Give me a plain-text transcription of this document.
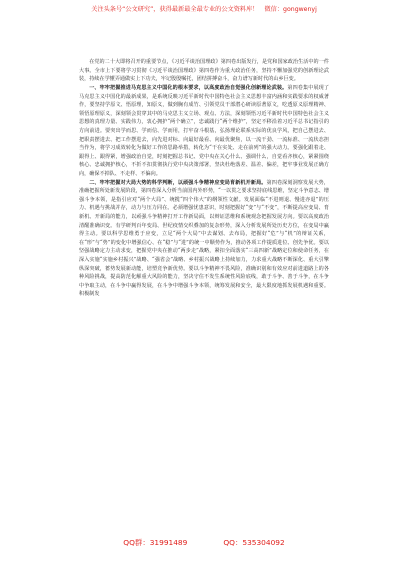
关注头条号“公文研究”，获得最新最全最专业的公文资料库！ 微信：gongwenyj

在党的二十大即将召开的重要节点，《习近平谈治国理政》第四卷出版发行，是党和国家政治生活中的一件大事。全市上下要将学习贯彻《习近平谈治国理政》第四卷作为重大政治任务，坚持不懈加强党的创新理论武装，持续在学懂弄通做实上下功夫，牢记殷殷嘱托，团结拼搏奋斗，奋力谱写新时代的山乡巨变。

一、牢牢把握推进马克思主义中国化的根本要求，以高度政治自觉强化创新理论武装。第四卷集中展现了马克思主义中国化的最新成果，是系统反映习近平新时代中国特色社会主义思想丰富内涵和实践要求的权威著作，要坚持学原文、悟原理，知原义，做到胸有成竹、引领党员干部潜心研读原著原文，吃透原义原理精神、领悟原理原义，深刻领会贯穿其中的马克思主义立场、观点、方法，深刻领悟习近平新时代中国特色社会主义思想的真理力量、实践伟力，衷心拥护“两个确立”，忠诚践行“两个维护”，坚定不移沿着习近平总书记指引的方向前进。要突出学而思、学而信、学而用，打牢奋斗根基，弘扬理论联系实际的优良学风，把自己摆进去、把职责摆进去、把工作摆进去，向先进对标、向最好最看、向最优聚焦，以一流干劲、一流标准、一流状态担当作为，将学习成效转化为做好工作的思路举措，转化为“干在实处、走在前列”的强大动力。要强化跟着走、跟得上、跟得紧，增强政治自觉，时刻把握总书记、党中央在关心什么、强调什么，自觉看齐核心，紧紧围绕核心、忠诚拥护核心，不折不扣贯彻执行党中央决策部署，坚决杜绝落差、温差、偏差，把牢事业发展正确方向，确保不掉队、不走样、不偏向。

二、牢牢把握对大局大势的科学判断，以顽强斗争精神应变局育新机开新局。第四卷深刻洞察发展大势，准确把握所处新发展阶段，第四卷深入分析当前国内外形势，“一以贯之要求坚持底线思维，坚定斗争意志、增强斗争本领，是指引应对“两个大局”、统揽“四个伟大”的纲领性文献。发展面临“不进则退、慢进亦退”的压力、机遇与挑战并存，动力与压力同在。必须增强忧患意识，时刻把握好“变”与“不变”，不断提高应变局、育新机、开新局的能力，以顽强斗争精神打开工作新局面，以辩证思维和系统观念把握发展方向。要以高度政治清醒准确识变。有学研判百年变局、世纪疫情交织叠加的复杂形势，深入分析发展所处历史方位，在变局中赢得主动。要以科学思维勇于应变，立足“两个大局”中去谋划、去布局，把握好“危”与“机”的辩证关系，在“形”与“势”的变化中增强信心、在“稳”与“进”的统一中顺势作为，推动各项工作提质进位、创先争优。要以坚强战略定力主动求变，把握党中央在推动“两步走”战略，紧扣全面落实“三高四新”战略定位和使命任务，在深入实施“实施乡村振兴”战略、“强省会”战略、乡村振兴战略上持续加力，力求重大战略不断深化、重大引擎纵深突破，蓄势发展新动能，培塑竞争新优势。要以斗争精神不畏风险，准确识别和有效应对前进道路上的各种风险挑战，提高防范化解重大风险的能力，坚决守住不发生系统性风险底线，敢于斗争、善于斗争，在斗争中争取主动，在斗争中赢得发展，在斗争中增强斗争本领，统筹发展和安全，最大限度地抓发展机遇和重要。积极制发

QQ群：31991489	QQ：535304092
